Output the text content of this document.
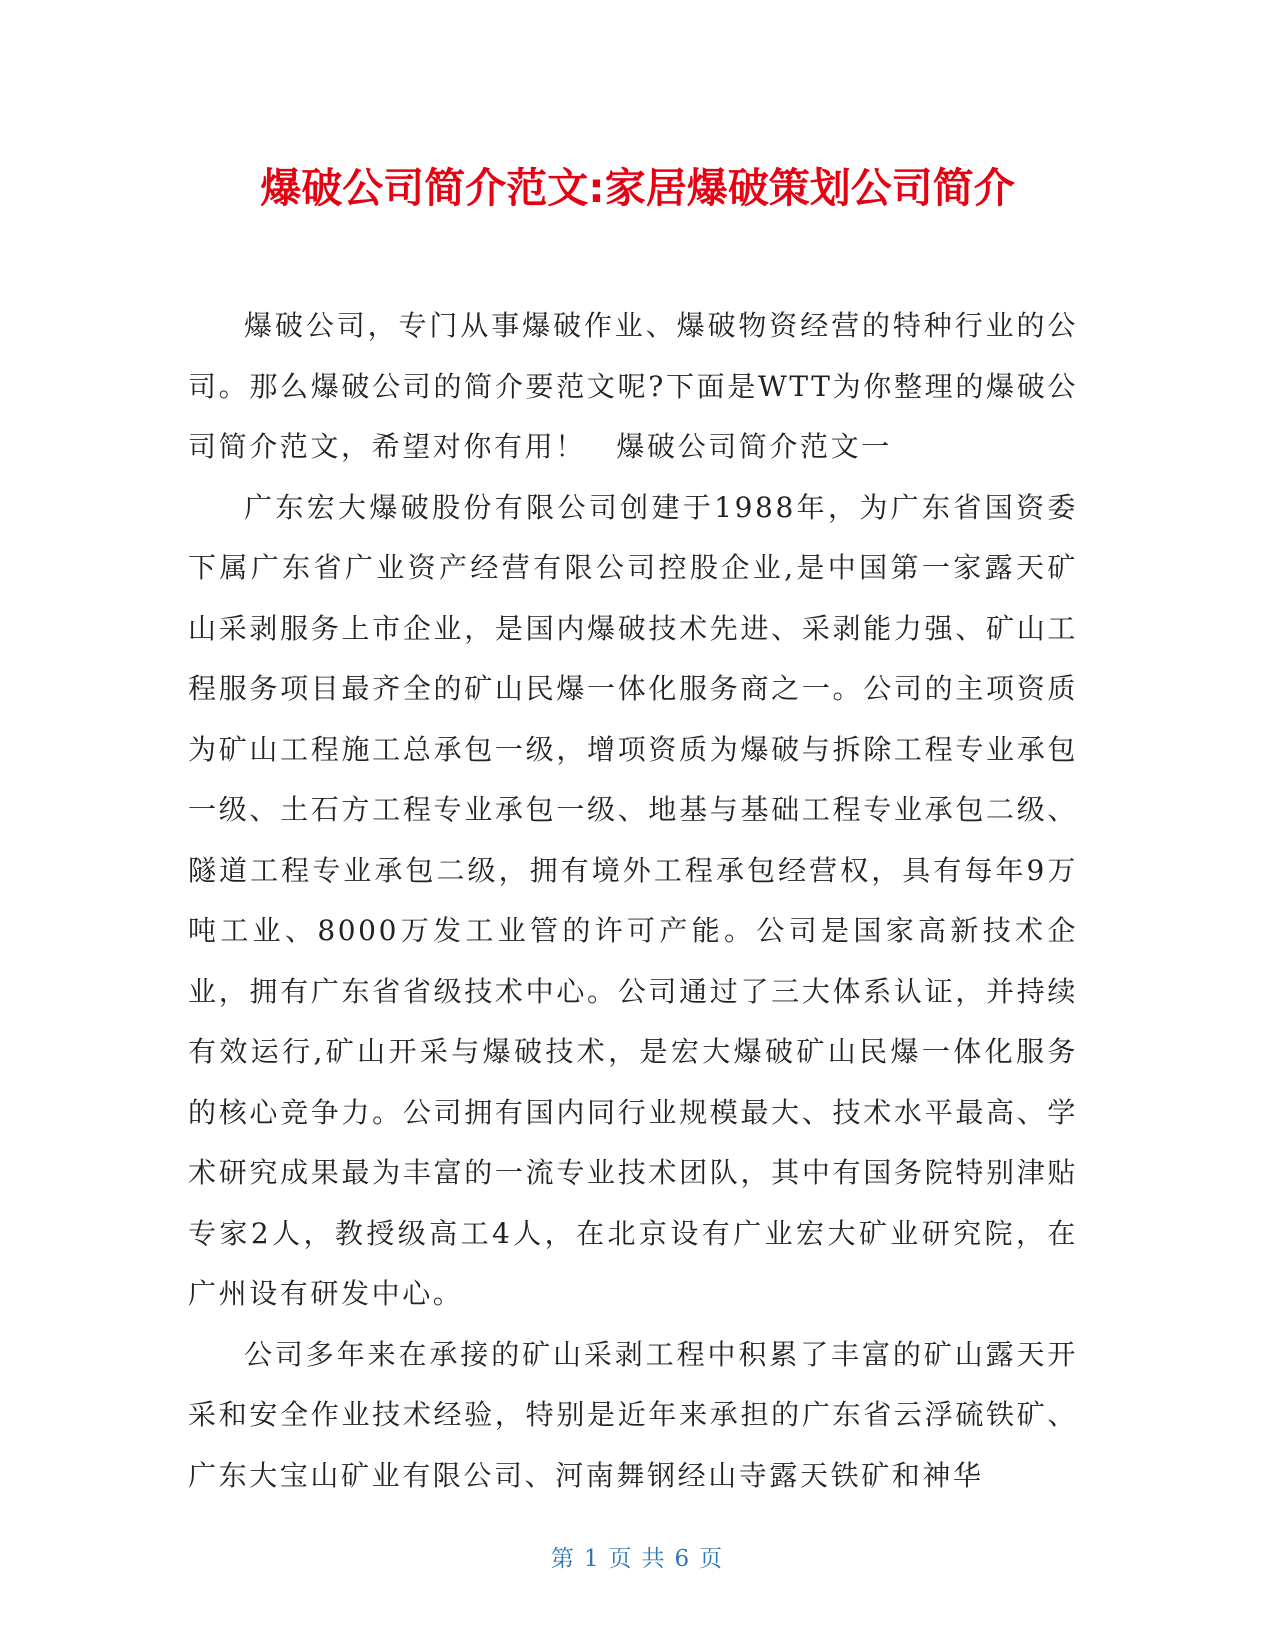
爆破公司简介范文:家居爆破策划公司简介

爆破公司，专门从事爆破作业、爆破物资经营的特种行业的公司。那么爆破公司的简介要范文呢?下面是WTT为你整理的爆破公司简介范文，希望对你有用！　爆破公司简介范文一

广东宏大爆破股份有限公司创建于1988年，为广东省国资委下属广东省广业资产经营有限公司控股企业,是中国第一家露天矿山采剥服务上市企业，是国内爆破技术先进、采剥能力强、矿山工程服务项目最齐全的矿山民爆一体化服务商之一。公司的主项资质为矿山工程施工总承包一级，增项资质为爆破与拆除工程专业承包一级、土石方工程专业承包一级、地基与基础工程专业承包二级、隧道工程专业承包二级，拥有境外工程承包经营权，具有每年9万吨工业、8000万发工业管的许可产能。公司是国家高新技术企业，拥有广东省省级技术中心。公司通过了三大体系认证，并持续有效运行,矿山开采与爆破技术，是宏大爆破矿山民爆一体化服务的核心竞争力。公司拥有国内同行业规模最大、技术水平最高、学术研究成果最为丰富的一流专业技术团队，其中有国务院特别津贴专家2人，教授级高工4人，在北京设有广业宏大矿业研究院，在广州设有研发中心。

公司多年来在承接的矿山采剥工程中积累了丰富的矿山露天开采和安全作业技术经验，特别是近年来承担的广东省云浮硫铁矿、广东大宝山矿业有限公司、河南舞钢经山寺露天铁矿和神华

第 1 页 共 6 页
